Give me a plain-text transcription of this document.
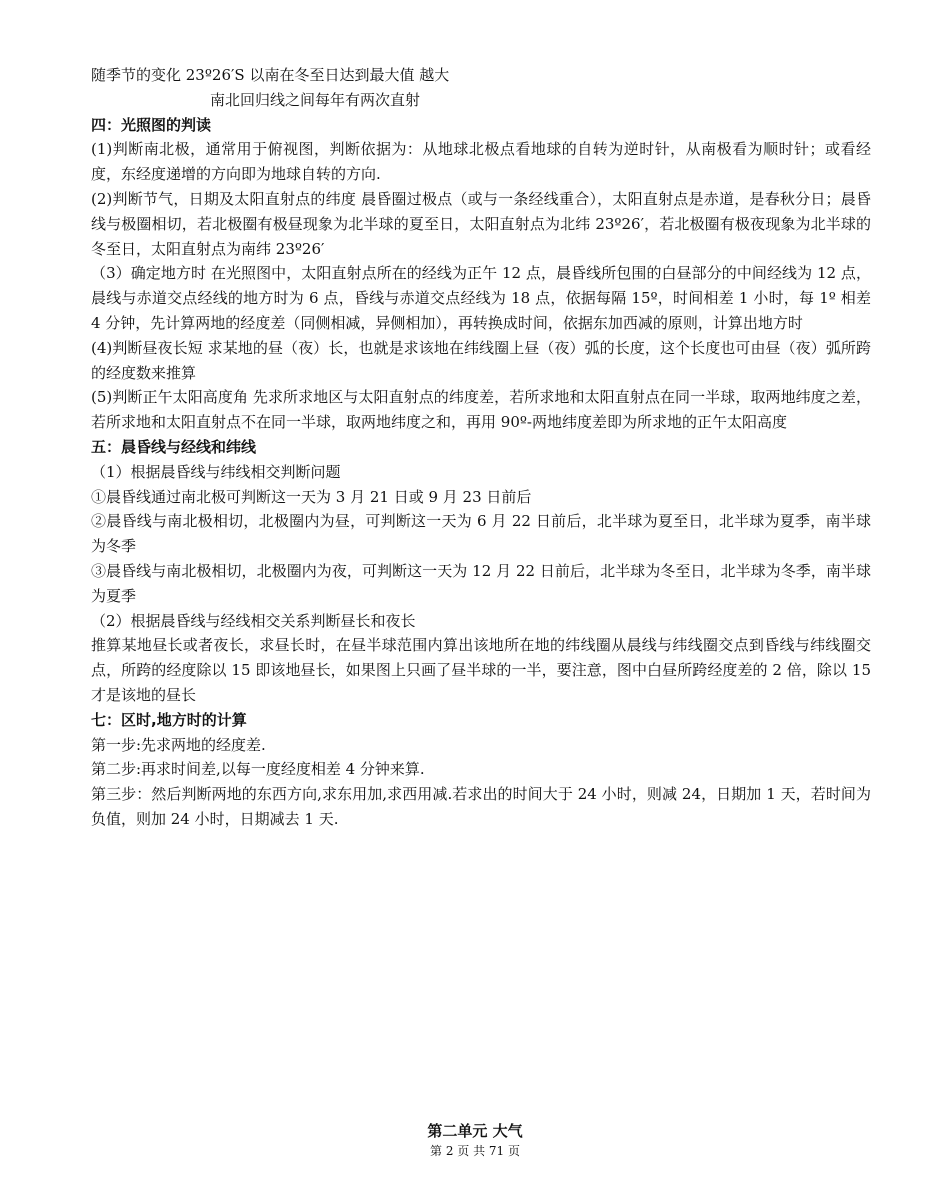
随季节的变化 23º26′S 以南在冬至日达到最大值 越大

南北回归线之间每年有两次直射

四：光照图的判读

(1)判断南北极，通常用于俯视图，判断依据为：从地球北极点看地球的自转为逆时针，从南极看为顺时针；或看经度，东经度递增的方向即为地球自转的方向.

(2)判断节气，日期及太阳直射点的纬度 晨昏圈过极点（或与一条经线重合），太阳直射点是赤道，是春秋分日；晨昏线与极圈相切，若北极圈有极昼现象为北半球的夏至日，太阳直射点为北纬 23º26′，若北极圈有极夜现象为北半球的冬至日，太阳直射点为南纬 23º26′

（3）确定地方时 在光照图中，太阳直射点所在的经线为正午 12 点，晨昏线所包围的白昼部分的中间经线为 12 点，晨线与赤道交点经线的地方时为 6 点，昏线与赤道交点经线为 18 点，依据每隔 15º，时间相差 1 小时，每 1º 相差 4 分钟，先计算两地的经度差（同侧相减，异侧相加），再转换成时间，依据东加西减的原则，计算出地方时

(4)判断昼夜长短 求某地的昼（夜）长，也就是求该地在纬线圈上昼（夜）弧的长度，这个长度也可由昼（夜）弧所跨的经度数来推算

(5)判断正午太阳高度角 先求所求地区与太阳直射点的纬度差，若所求地和太阳直射点在同一半球，取两地纬度之差，若所求地和太阳直射点不在同一半球，取两地纬度之和，再用 90º-两地纬度差即为所求地的正午太阳高度

五：晨昏线与经线和纬线

（1）根据晨昏线与纬线相交判断问题

①晨昏线通过南北极可判断这一天为 3 月 21 日或 9 月 23 日前后

②晨昏线与南北极相切，北极圈内为昼，可判断这一天为 6 月 22 日前后，北半球为夏至日，北半球为夏季，南半球为冬季

③晨昏线与南北极相切，北极圈内为夜，可判断这一天为 12 月 22 日前后，北半球为冬至日，北半球为冬季，南半球为夏季

（2）根据晨昏线与经线相交关系判断昼长和夜长

推算某地昼长或者夜长，求昼长时，在昼半球范围内算出该地所在地的纬线圈从晨线与纬线圈交点到昏线与纬线圈交点，所跨的经度除以 15 即该地昼长，如果图上只画了昼半球的一半，要注意，图中白昼所跨经度差的 2 倍，除以 15 才是该地的昼长

七：区时,地方时的计算

第一步:先求两地的经度差.

第二步:再求时间差,以每一度经度相差 4 分钟来算.

第三步：然后判断两地的东西方向,求东用加,求西用减.若求出的时间大于 24 小时，则减 24，日期加 1 天，若时间为负值，则加 24 小时，日期减去 1 天.

第二单元 大气
第 2 页 共 71 页
